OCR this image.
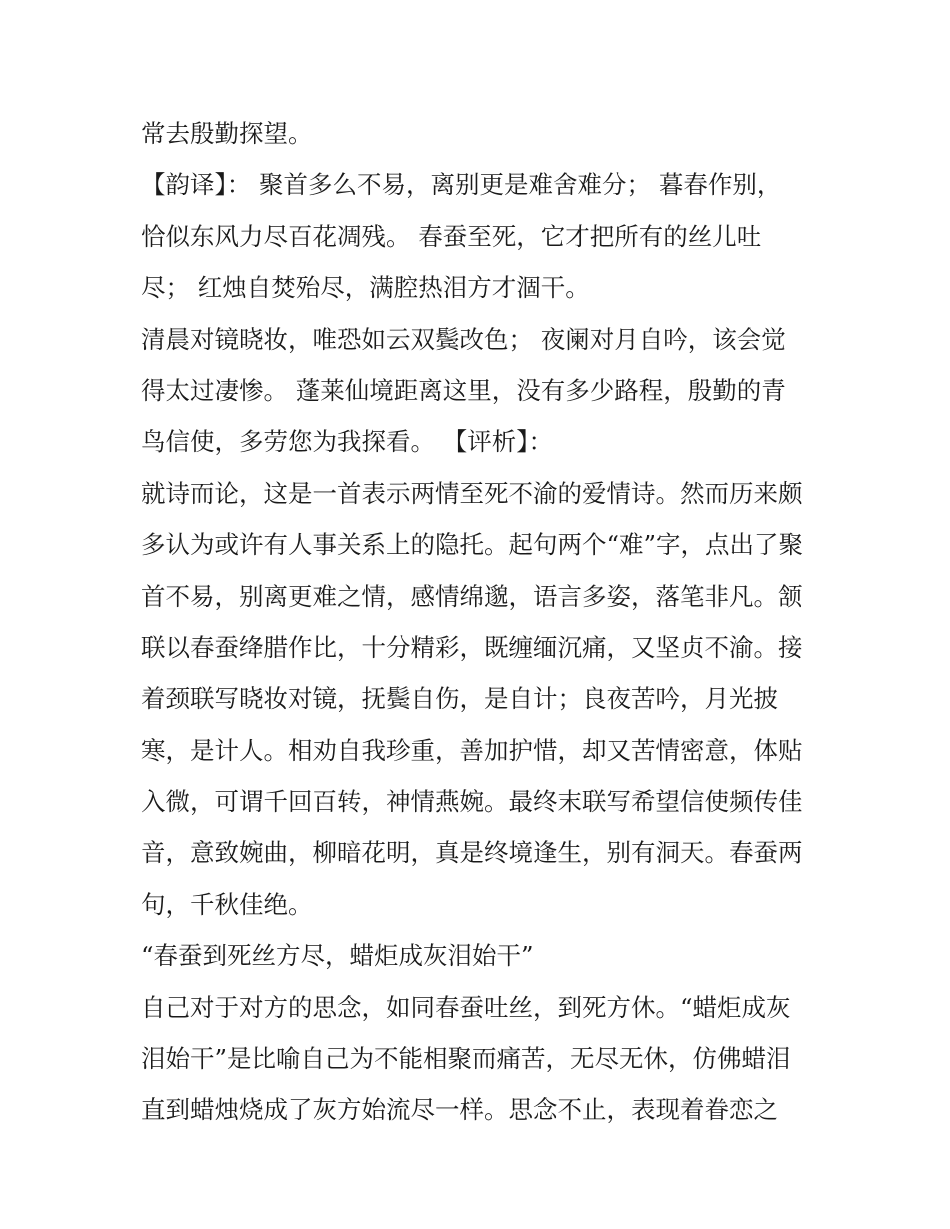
常去殷勤探望。
【韵译】： 聚首多么不易，离别更是难舍难分； 暮春作别，
恰似东风力尽百花凋残。 春蚕至死，它才把所有的丝儿吐
尽； 红烛自焚殆尽，满腔热泪方才涸干。
清晨对镜晓妆，唯恐如云双鬓改色； 夜阑对月自吟，该会觉
得太过凄惨。 蓬莱仙境距离这里，没有多少路程，殷勤的青
鸟信使，多劳您为我探看。 【评析】：
就诗而论，这是一首表示两情至死不渝的爱情诗。然而历来颇
多认为或许有人事关系上的隐托。起句两个“难”字，点出了聚
首不易，别离更难之情，感情绵邈，语言多姿，落笔非凡。颔
联以春蚕绛腊作比，十分精彩，既缠缅沉痛，又坚贞不渝。接
着颈联写晓妆对镜，抚鬓自伤，是自计；良夜苦吟，月光披
寒，是计人。相劝自我珍重，善加护惜，却又苦情密意，体贴
入微，可谓千回百转，神情燕婉。最终末联写希望信使频传佳
音，意致婉曲，柳暗花明，真是终境逢生，别有洞天。春蚕两
句，千秋佳绝。
“春蚕到死丝方尽，蜡炬成灰泪始干”
自己对于对方的思念，如同春蚕吐丝，到死方休。“蜡炬成灰
泪始干”是比喻自己为不能相聚而痛苦，无尽无休，仿佛蜡泪
直到蜡烛烧成了灰方始流尽一样。思念不止，表现着眷恋之
